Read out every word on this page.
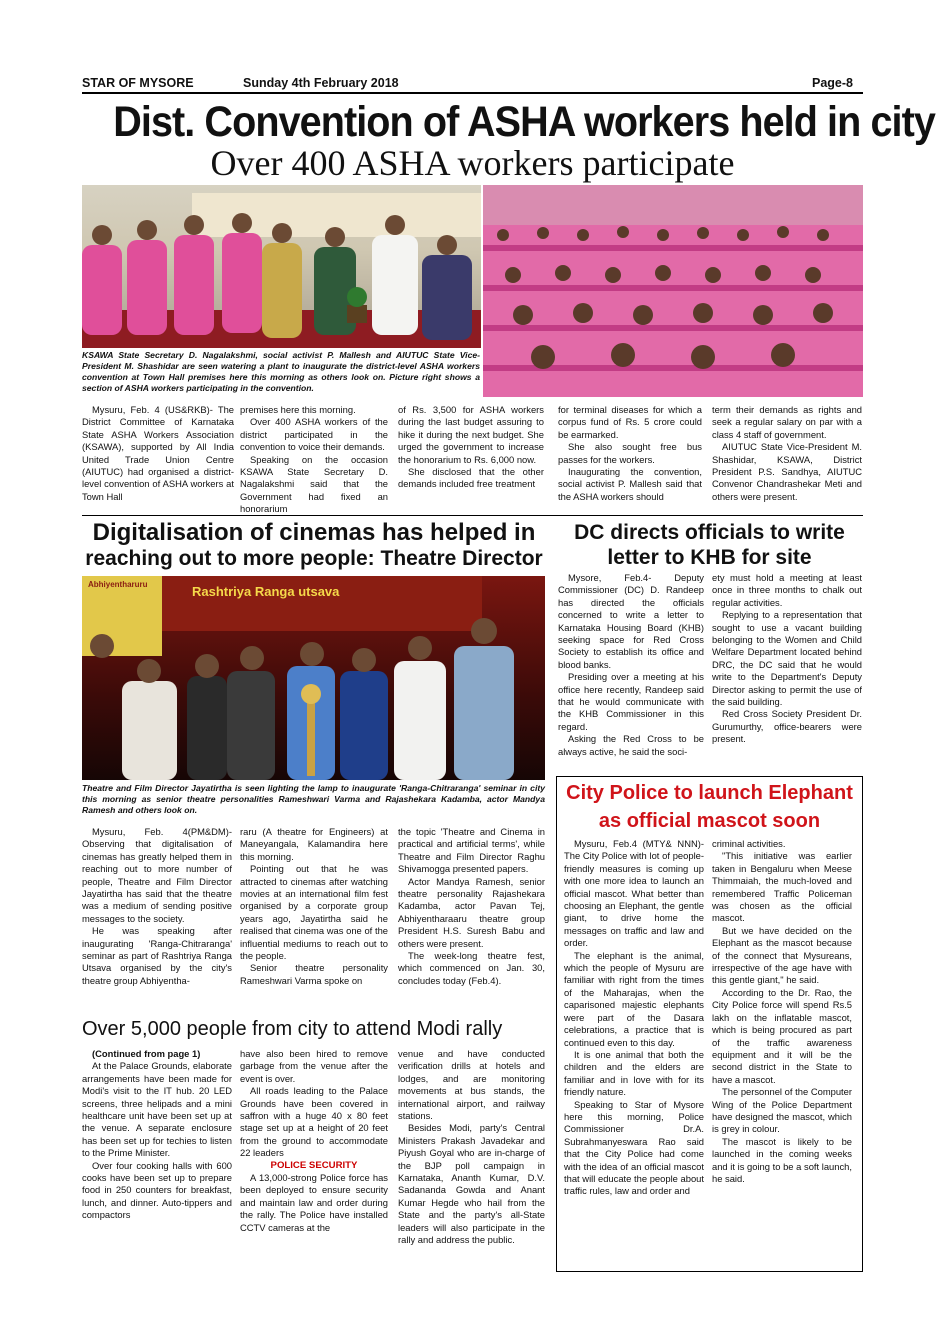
STAR OF MYSORE	Sunday 4th February 2018	Page-8
Dist. Convention of ASHA workers held in city
Over 400 ASHA workers participate
KSAWA State Secretary D. Nagalakshmi, social activist P. Mallesh and AIUTUC State Vice-President M. Shashidar are seen watering a plant to inaugurate the district-level ASHA workers convention at Town Hall premises here this morning as others look on. Picture right shows a section of ASHA workers participating in the convention.

Mysuru, Feb. 4 (US&RKB)- The District Committee of Karnataka State ASHA Workers Association (KSAWA), supported by All India United Trade Union Centre (AIUTUC) had organised a district-level convention of ASHA workers at Town Hall

premises here this morning.

Over 400 ASHA workers of the district participated in the convention to voice their demands.

Speaking on the occasion KSAWA State Secretary D. Nagalakshmi said that the Government had fixed an honorarium

of Rs. 3,500 for ASHA workers during the last budget assuring to hike it during the next budget. She urged the government to increase the honorarium to Rs. 6,000 now.

She disclosed that the other demands included free treatment

for terminal diseases for which a corpus fund of Rs. 5 crore could be earmarked.

She also sought free bus passes for the workers.

Inaugurating the convention, social activist P. Mallesh said that the ASHA workers should

term their demands as rights and seek a regular salary on par with a class 4 staff of government.

AIUTUC State Vice-President M. Shashidar, KSAWA, District President P.S. Sandhya, AIUTUC Convenor Chandrashekar Meti and others were present.

Digitalisation of cinemas has helped in
reaching out to more people: Theatre Director
Rashtriya Ranga utsava
Abhiyentharuru
Theatre and Film Director Jayatirtha is seen lighting the lamp to inaugurate 'Ranga-Chitraranga' seminar in city this morning as senior theatre personalities Rameshwari Varma and Rajashekara Kadamba, actor Mandya Ramesh and others look on.

Mysuru, Feb. 4(PM&DM)- Observing that digitalisation of cinemas has greatly helped them in reaching out to more number of people, Theatre and Film Director Jayatirtha has said that the theatre was a medium of sending positive messages to the society.

He was speaking after inaugurating 'Ranga-Chitraranga' seminar as part of Rashtriya Ranga Utsava organised by the city's theatre group Abhiyentha-

raru (A theatre for Engineers) at Maneyangala, Kalamandira here this morning.

Pointing out that he was attracted to cinemas after watching movies at an international film fest organised by a corporate group years ago, Jayatirtha said he realised that cinema was one of the influential mediums to reach out to the people.

Senior theatre personality Rameshwari Varma spoke on

the topic 'Theatre and Cinema in practical and artificial terms', while Theatre and Film Director Raghu Shivamogga presented papers.

Actor Mandya Ramesh, senior theatre personality Rajashekara Kadamba, actor Pavan Tej, Abhiyentharaaru theatre group President H.S. Suresh Babu and others were present.

The week-long theatre fest, which commenced on Jan. 30, concludes today (Feb.4).

DC directs officials to write
letter to KHB for site

Mysore, Feb.4- Deputy Commissioner (DC) D. Randeep has directed the officials concerned to write a letter to Karnataka Housing Board (KHB) seeking space for Red Cross Society to establish its office and blood banks.

Presiding over a meeting at his office here recently, Randeep said that he would communicate with the KHB Commissioner in this regard.

Asking the Red Cross to be always active, he said the soci-

ety must hold a meeting at least once in three months to chalk out regular activities.

Replying to a representation that sought to use a vacant building belonging to the Women and Child Welfare Department located behind DRC, the DC said that he would write to the Department's Deputy Director asking to permit the use of the said building.

Red Cross Society President Dr. Gurumurthy, office-bearers were present.

City Police to launch Elephant
as official mascot soon

Mysuru, Feb.4 (MTY& NNN)- The City Police with lot of people-friendly measures is coming up with one more idea to launch an official mascot. What better than choosing an Elephant, the gentle giant, to drive home the messages on traffic and law and order.

The elephant is the animal, which the people of Mysuru are familiar with right from the times of the Maharajas, when the caparisoned majestic elephants were part of the Dasara celebrations, a practice that is continued even to this day.

It is one animal that both the children and the elders are familiar and in love with for its friendly nature.

Speaking to Star of Mysore here this morning, Police Commissioner Dr.A. Subrahmanyeswara Rao said that the City Police had come with the idea of an official mascot that will educate the people about traffic rules, law and order and

criminal activities.

"This initiative was earlier taken in Bengaluru when Meese Thimmaiah, the much-loved and remembered Traffic Policeman was chosen as the official mascot.

But we have decided on the Elephant as the mascot because of the connect that Mysureans, irrespective of the age have with this gentle giant," he said.

According to the Dr. Rao, the City Police force will spend Rs.5 lakh on the inflatable mascot, which is being procured as part of the traffic awareness equipment and it will be the second district in the State to have a mascot.

The personnel of the Computer Wing of the Police Department have designed the mascot, which is grey in colour.

The mascot is likely to be launched in the coming weeks and it is going to be a soft launch, he said.

Over 5,000 people from city to attend Modi rally

(Continued from page 1)

At the Palace Grounds, elaborate arrangements have been made for Modi's visit to the IT hub. 20 LED screens, three helipads and a mini healthcare unit have been set up at the venue. A separate enclosure has been set up for techies to listen to the Prime Minister.

Over four cooking halls with 600 cooks have been set up to prepare food in 250 counters for breakfast, lunch, and dinner. Auto-tippers and compactors

have also been hired to remove garbage from the venue after the event is over.

All roads leading to the Palace Grounds have been covered in saffron with a huge 40 x 80 feet stage set up at a height of 20 feet from the ground to accommodate 22 leaders

POLICE SECURITY

A 13,000-strong Police force has been deployed to ensure security and maintain law and order during the rally. The Police have installed CCTV cameras at the

venue and have conducted verification drills at hotels and lodges, and are monitoring movements at bus stands, the international airport, and railway stations.

Besides Modi, party's Central Ministers Prakash Javadekar and Piyush Goyal who are in-charge of the BJP poll campaign in Karnataka, Ananth Kumar, D.V. Sadananda Gowda and Anant Kumar Hegde who hail from the State and the party's all-State leaders will also participate in the rally and address the public.
